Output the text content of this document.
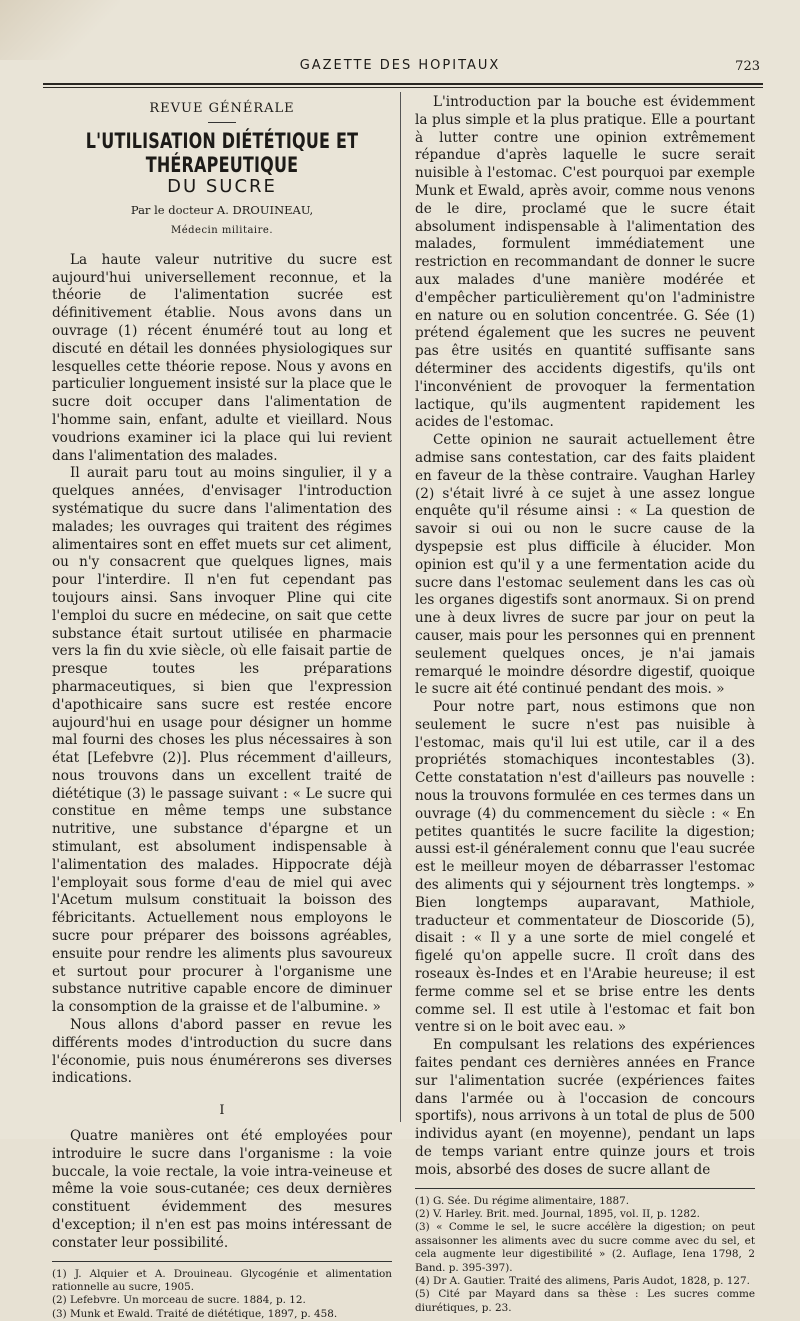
GAZETTE DES HOPITAUX	723
REVUE GÉNÉRALE
L'UTILISATION DIÉTÉTIQUE ET THÉRAPEUTIQUE
DU SUCRE
Par le docteur A. DROUINEAU,
Médecin militaire.

La haute valeur nutritive du sucre est aujourd'hui universellement reconnue, et la théorie de l'alimentation sucrée est définitivement établie. Nous avons dans un ouvrage (1) récent énuméré tout au long et discuté en détail les données physiologiques sur lesquelles cette théorie repose. Nous y avons en particulier longuement insisté sur la place que le sucre doit occuper dans l'alimentation de l'homme sain, enfant, adulte et vieillard. Nous voudrions examiner ici la place qui lui revient dans l'alimentation des malades.

Il aurait paru tout au moins singulier, il y a quelques années, d'envisager l'introduction systématique du sucre dans l'alimentation des malades; les ouvrages qui traitent des régimes alimentaires sont en effet muets sur cet aliment, ou n'y consacrent que quelques lignes, mais pour l'interdire. Il n'en fut cependant pas toujours ainsi. Sans invoquer Pline qui cite l'emploi du sucre en médecine, on sait que cette substance était surtout utilisée en pharmacie vers la fin du xvie siècle, où elle faisait partie de presque toutes les préparations pharmaceutiques, si bien que l'expression d'apothicaire sans sucre est restée encore aujourd'hui en usage pour désigner un homme mal fourni des choses les plus nécessaires à son état [Lefebvre (2)]. Plus récemment d'ailleurs, nous trouvons dans un excellent traité de diététique (3) le passage suivant : « Le sucre qui constitue en même temps une substance nutritive, une substance d'épargne et un stimulant, est absolument indispensable à l'alimentation des malades. Hippocrate déjà l'employait sous forme d'eau de miel qui avec l'Acetum mulsum constituait la boisson des fébricitants. Actuellement nous employons le sucre pour préparer des boissons agréables, ensuite pour rendre les aliments plus savoureux et surtout pour procurer à l'organisme une substance nutritive capable encore de diminuer la consomption de la graisse et de l'albumine. »

Nous allons d'abord passer en revue les différents modes d'introduction du sucre dans l'économie, puis nous énumérerons ses diverses indications.

I

Quatre manières ont été employées pour introduire le sucre dans l'organisme : la voie buccale, la voie rectale, la voie intra-veineuse et même la voie sous-cutanée; ces deux dernières constituent évidemment des mesures d'exception; il n'en est pas moins intéressant de constater leur possibilité.

(1) J. Alquier et A. Drouineau. Glycogénie et alimentation rationnelle au sucre, 1905.

(2) Lefebvre. Un morceau de sucre. 1884, p. 12.

(3) Munk et Ewald. Traité de diététique, 1897, p. 458.

L'introduction par la bouche est évidemment la plus simple et la plus pratique. Elle a pourtant à lutter contre une opinion extrêmement répandue d'après laquelle le sucre serait nuisible à l'estomac. C'est pourquoi par exemple Munk et Ewald, après avoir, comme nous venons de le dire, proclamé que le sucre était absolument indispensable à l'alimentation des malades, formulent immédiatement une restriction en recommandant de donner le sucre aux malades d'une manière modérée et d'empêcher particulièrement qu'on l'administre en nature ou en solution concentrée. G. Sée (1) prétend également que les sucres ne peuvent pas être usités en quantité suffisante sans déterminer des accidents digestifs, qu'ils ont l'inconvénient de provoquer la fermentation lactique, qu'ils augmentent rapidement les acides de l'estomac.

Cette opinion ne saurait actuellement être admise sans contestation, car des faits plaident en faveur de la thèse contraire. Vaughan Harley (2) s'était livré à ce sujet à une assez longue enquête qu'il résume ainsi : « La question de savoir si oui ou non le sucre cause de la dyspepsie est plus difficile à élucider. Mon opinion est qu'il y a une fermentation acide du sucre dans l'estomac seulement dans les cas où les organes digestifs sont anormaux. Si on prend une à deux livres de sucre par jour on peut la causer, mais pour les personnes qui en prennent seulement quelques onces, je n'ai jamais remarqué le moindre désordre digestif, quoique le sucre ait été continué pendant des mois. »

Pour notre part, nous estimons que non seulement le sucre n'est pas nuisible à l'estomac, mais qu'il lui est utile, car il a des propriétés stomachiques incontestables (3). Cette constatation n'est d'ailleurs pas nouvelle : nous la trouvons formulée en ces termes dans un ouvrage (4) du commencement du siècle : « En petites quantités le sucre facilite la digestion; aussi est-il généralement connu que l'eau sucrée est le meilleur moyen de débarrasser l'estomac des aliments qui y séjournent très longtemps. » Bien longtemps auparavant, Mathiole, traducteur et commentateur de Dioscoride (5), disait : « Il y a une sorte de miel congelé et figelé qu'on appelle sucre. Il croît dans des roseaux ès-Indes et en l'Arabie heureuse; il est ferme comme sel et se brise entre les dents comme sel. Il est utile à l'estomac et fait bon ventre si on le boit avec eau. »

En compulsant les relations des expériences faites pendant ces dernières années en France sur l'alimentation sucrée (expériences faites dans l'armée ou à l'occasion de concours sportifs), nous arrivons à un total de plus de 500 individus ayant (en moyenne), pendant un laps de temps variant entre quinze jours et trois mois, absorbé des doses de sucre allant de

(1) G. Sée. Du régime alimentaire, 1887.

(2) V. Harley. Brit. med. Journal, 1895, vol. II, p. 1282.

(3) « Comme le sel, le sucre accélère la digestion; on peut assaisonner les aliments avec du sucre comme avec du sel, et cela augmente leur digestibilité » (2. Auflage, Iena 1798, 2 Band. p. 395-397).

(4) Dr A. Gautier. Traité des alimens, Paris Audot, 1828, p. 127.

(5) Cité par Mayard dans sa thèse : Les sucres comme diurétiques, p. 23.
